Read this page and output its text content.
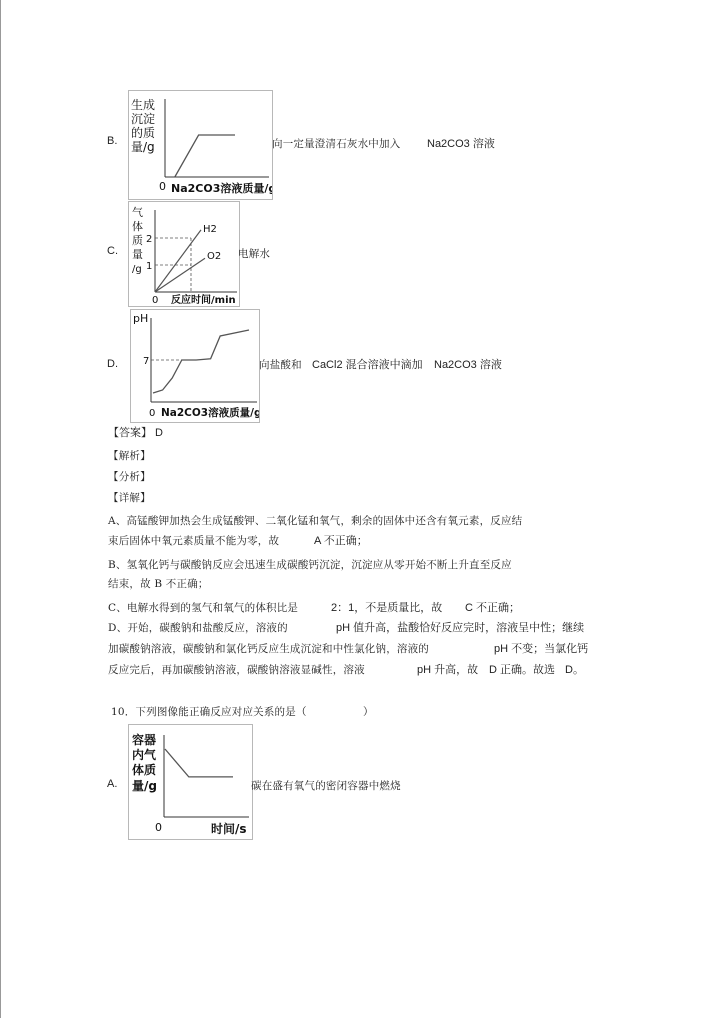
B.
生成
沉淀
的质
量/g
0 Na2CO3溶液质量/g
向一定量澄清石灰水中加入 Na2CO3 溶液
C.
气
体
质
量
/g
2
1
H2
O2
0 反应时间/min
电解水
D.
pH
7
0 Na2CO3溶液质量/g
向盐酸和 CaCl2 混合溶液中滴加 Na2CO3 溶液
【答案】 D
【解析】
【分析】
【详解】
A、高锰酸钾加热会生成锰酸钾、二氧化锰和氧气，剩余的固体中还含有氧元素，反应结
束后固体中氧元素质量不能为零，故	A 不正确；
B、氢氧化钙与碳酸钠反应会迅速生成碳酸钙沉淀，沉淀应从零开始不断上升直至反应
结束，故 B 不正确；
C、电解水得到的氢气和氧气的体积比是	2：1，不是质量比，故 C 不正确；
D、开始，碳酸钠和盐酸反应，溶液的	pH 值升高，盐酸恰好反应完时，溶液呈中性；继续
加碳酸钠溶液，碳酸钠和氯化钙反应生成沉淀和中性氯化钠，溶液的	pH 不变；当氯化钙
反应完后，再加碳酸钠溶液，碳酸钠溶液显碱性，溶液	pH 升高，故 D 正确。故选 D。
10．下列图像能正确反应对应关系的是（	）
A.
容器
内气
体质
量/g
0	时间/s
碳在盛有氧气的密闭容器中燃烧
